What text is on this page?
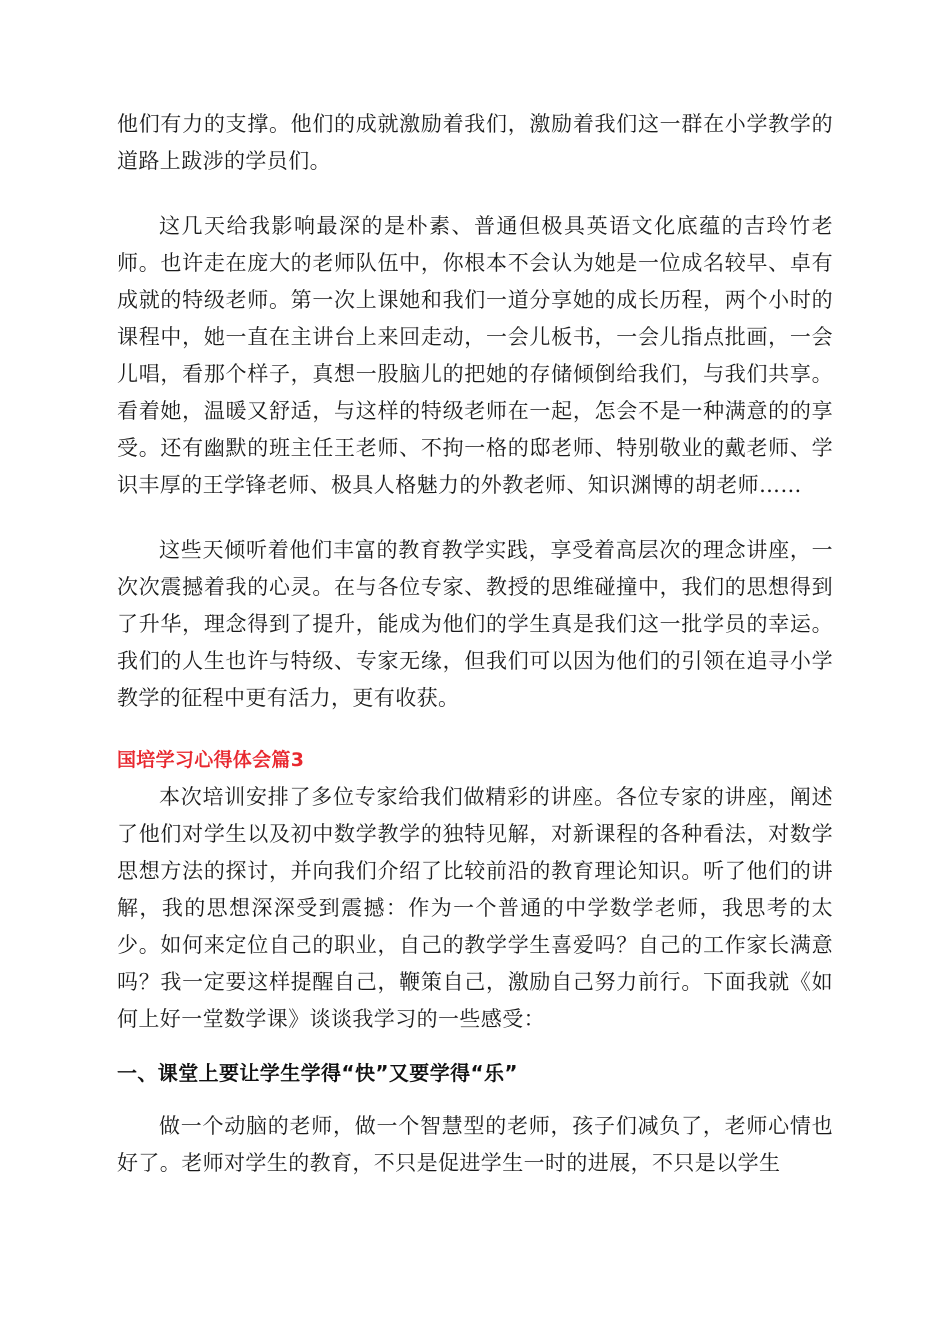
他们有力的支撑。他们的成就激励着我们，激励着我们这一群在小学教学的道路上跋涉的学员们。

这几天给我影响最深的是朴素、普通但极具英语文化底蕴的吉玲竹老师。也许走在庞大的老师队伍中，你根本不会认为她是一位成名较早、卓有成就的特级老师。第一次上课她和我们一道分享她的成长历程，两个小时的课程中，她一直在主讲台上来回走动，一会儿板书，一会儿指点批画，一会儿唱，看那个样子，真想一股脑儿的把她的存储倾倒给我们，与我们共享。看着她，温暖又舒适，与这样的特级老师在一起，怎会不是一种满意的的享受。还有幽默的班主任王老师、不拘一格的邸老师、特别敬业的戴老师、学识丰厚的王学锋老师、极具人格魅力的外教老师、知识渊博的胡老师……

这些天倾听着他们丰富的教育教学实践，享受着高层次的理念讲座，一次次震撼着我的心灵。在与各位专家、教授的思维碰撞中，我们的思想得到了升华，理念得到了提升，能成为他们的学生真是我们这一批学员的幸运。我们的人生也许与特级、专家无缘，但我们可以因为他们的引领在追寻小学教学的征程中更有活力，更有收获。

国培学习心得体会篇3

本次培训安排了多位专家给我们做精彩的讲座。各位专家的讲座，阐述了他们对学生以及初中数学教学的独特见解，对新课程的各种看法，对数学思想方法的探讨，并向我们介绍了比较前沿的教育理论知识。听了他们的讲解，我的思想深深受到震撼：作为一个普通的中学数学老师，我思考的太少。如何来定位自己的职业，自己的教学学生喜爱吗？自己的工作家长满意吗？我一定要这样提醒自己，鞭策自己，激励自己努力前行。下面我就《如何上好一堂数学课》谈谈我学习的一些感受：

一、课堂上要让学生学得“快”又要学得“乐”

做一个动脑的老师，做一个智慧型的老师，孩子们减负了，老师心情也好了。老师对学生的教育，不只是促进学生一时的进展，不只是以学生
